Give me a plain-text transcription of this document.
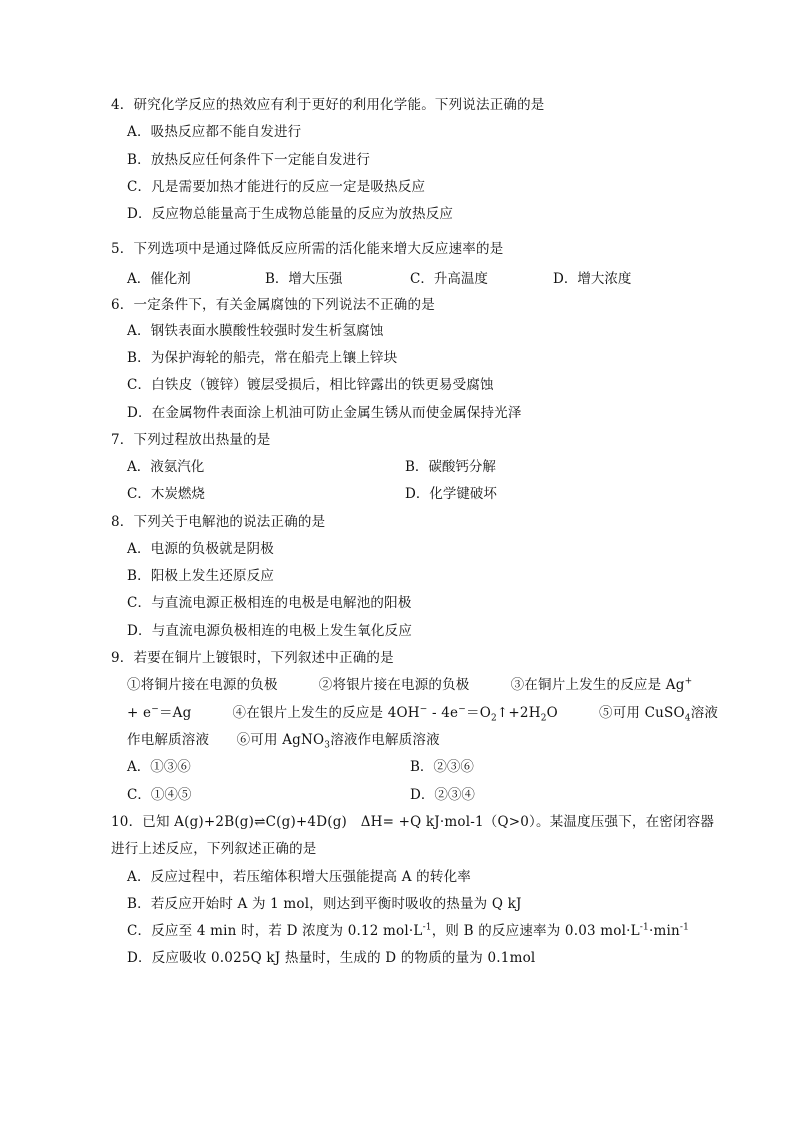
4．研究化学反应的热效应有利于更好的利用化学能。下列说法正确的是
A．吸热反应都不能自发进行
B．放热反应任何条件下一定能自发进行
C．凡是需要加热才能进行的反应一定是吸热反应
D．反应物总能量高于生成物总能量的反应为放热反应
5．下列选项中是通过降低反应所需的活化能来增大反应速率的是
A．催化剂	B．增大压强	C．升高温度	D．增大浓度
6．一定条件下，有关金属腐蚀的下列说法不正确的是
A．钢铁表面水膜酸性较强时发生析氢腐蚀
B．为保护海轮的船壳，常在船壳上镶上锌块
C．白铁皮（镀锌）镀层受损后，相比锌露出的铁更易受腐蚀
D．在金属物件表面涂上机油可防止金属生锈从而使金属保持光泽
7．下列过程放出热量的是
A．液氨汽化	B．碳酸钙分解
C．木炭燃烧	D．化学键破坏
8．下列关于电解池的说法正确的是
A．电源的负极就是阴极
B．阳极上发生还原反应
C．与直流电源正极相连的电极是电解池的阳极
D．与直流电源负极相连的电极上发生氧化反应
9．若要在铜片上镀银时，下列叙述中正确的是
①将铜片接在电源的负极　　　②将银片接在电源的负极　　　③在铜片上发生的反应是 Ag+
+ e−＝Ag　　　④在银片上发生的反应是 $4OH^- - 4e^-=O_2↑+2H_2O$　　　⑤可用 CuSO$_4$溶液
作电解质溶液　　⑥可用 AgNO$_3$溶液作电解质溶液
A．①③⑥	B．②③⑥
C．①④⑤	D．②③④
10．已知 A(g)+2B(g)⇌C(g)+4D(g)　ΔH= +Q kJ·mol-1（Q>0）。某温度压强下，在密闭容器
进行上述反应，下列叙述正确的是
A．反应过程中，若压缩体积增大压强能提高 A 的转化率
B．若反应开始时 A 为 1 mol，则达到平衡时吸收的热量为 Q kJ
C．反应至 4 min 时，若 D 浓度为 0.12 $mol\cdot L^{-1}$，则 B 的反应速率为 0.03 $mol\cdot L^{-1}\cdot\min^{-1}$
D．反应吸收 0.025Q kJ 热量时，生成的 D 的物质的量为 0.1mol
